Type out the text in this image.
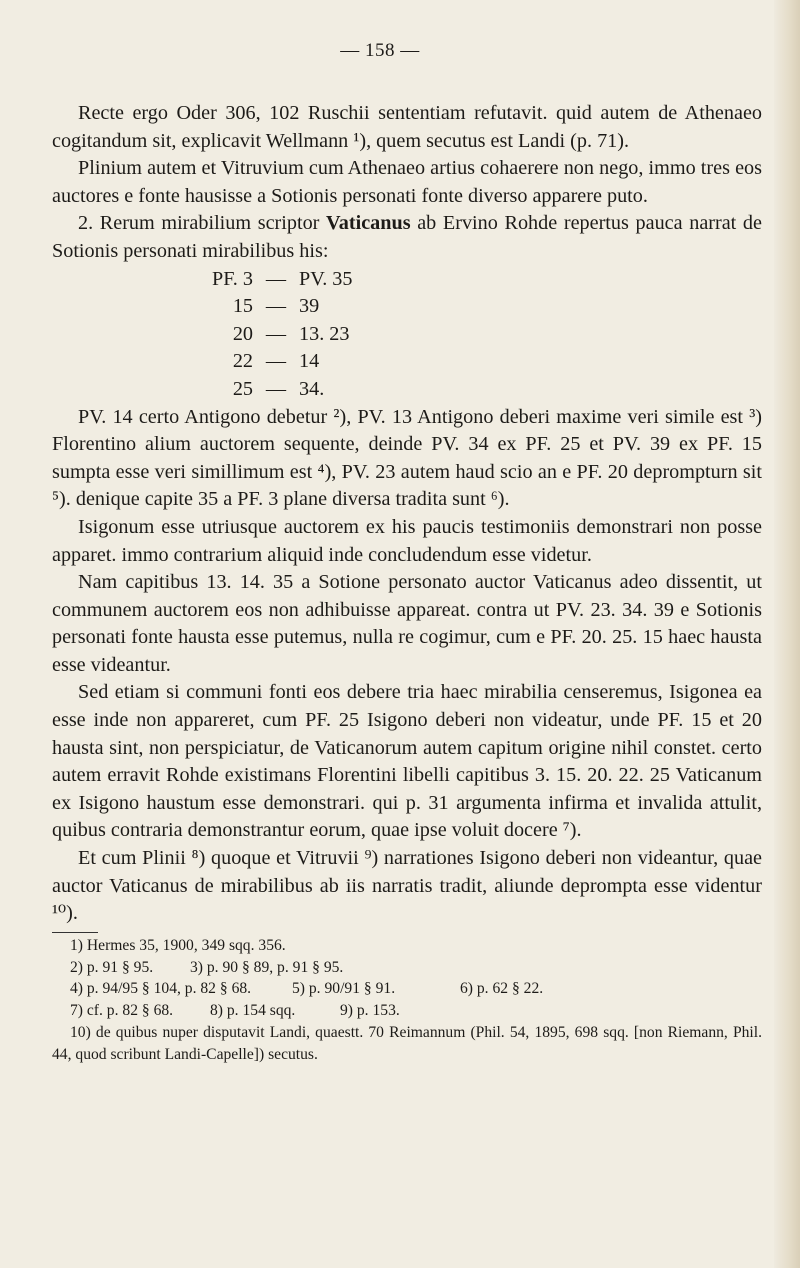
— 158 —

Recte ergo Oder 306, 102 Ruschii sententiam refutavit. quid autem de Athenaeo cogitandum sit, explicavit Wellmann ¹), quem secutus est Landi (p. 71).

Plinium autem et Vitruvium cum Athenaeo artius cohaerere non nego, immo tres eos auctores e fonte hausisse a Sotionis personati fonte diverso apparere puto.

2. Rerum mirabilium scriptor Vaticanus ab Ervino Rohde repertus pauca narrat de Sotionis personati mirabilibus his:

PF. 3 — PV. 35
15 — 39
20 — 13. 23
22 — 14
25 — 34.

PV. 14 certo Antigono debetur ²), PV. 13 Antigono deberi maxime veri simile est ³) Florentino alium auctorem sequente, deinde PV. 34 ex PF. 25 et PV. 39 ex PF. 15 sumpta esse veri simillimum est ⁴), PV. 23 autem haud scio an e PF. 20 deprompturn sit ⁵). denique capite 35 a PF. 3 plane diversa tradita sunt ⁶).

Isigonum esse utriusque auctorem ex his paucis testimoniis demonstrari non posse apparet. immo contrarium aliquid inde concludendum esse videtur.

Nam capitibus 13. 14. 35 a Sotione personato auctor Vaticanus adeo dissentit, ut communem auctorem eos non adhibuisse appareat. contra ut PV. 23. 34. 39 e Sotionis personati fonte hausta esse putemus, nulla re cogimur, cum e PF. 20. 25. 15 haec hausta esse videantur.

Sed etiam si communi fonti eos debere tria haec mirabilia censeremus, Isigonea ea esse inde non appareret, cum PF. 25 Isigono deberi non videatur, unde PF. 15 et 20 hausta sint, non perspiciatur, de Vaticanorum autem capitum origine nihil constet. certo autem erravit Rohde existimans Florentini libelli capitibus 3. 15. 20. 22. 25 Vaticanum ex Isigono haustum esse demonstrari. qui p. 31 argumenta infirma et invalida attulit, quibus contraria demonstrantur eorum, quae ipse voluit docere ⁷).

Et cum Plinii ⁸) quoque et Vitruvii ⁹) narrationes Isigono deberi non videantur, quae auctor Vaticanus de mirabilibus ab iis narratis tradit, aliunde deprompta esse videntur ¹⁰).

1) Hermes 35, 1900, 349 sqq. 356.
2) p. 91 § 95. 3) p. 90 § 89, p. 91 § 95.
4) p. 94/95 § 104, p. 82 § 68.	5) p. 90/91 § 91.	6) p. 62 § 22.
7) cf. p. 82 § 68. 8) p. 154 sqq.	9) p. 153.
10) de quibus nuper disputavit Landi, quaestt. 70 Reimannum (Phil. 54, 1895, 698 sqq. [non Riemann, Phil. 44, quod scribunt Landi-Capelle]) secutus.
